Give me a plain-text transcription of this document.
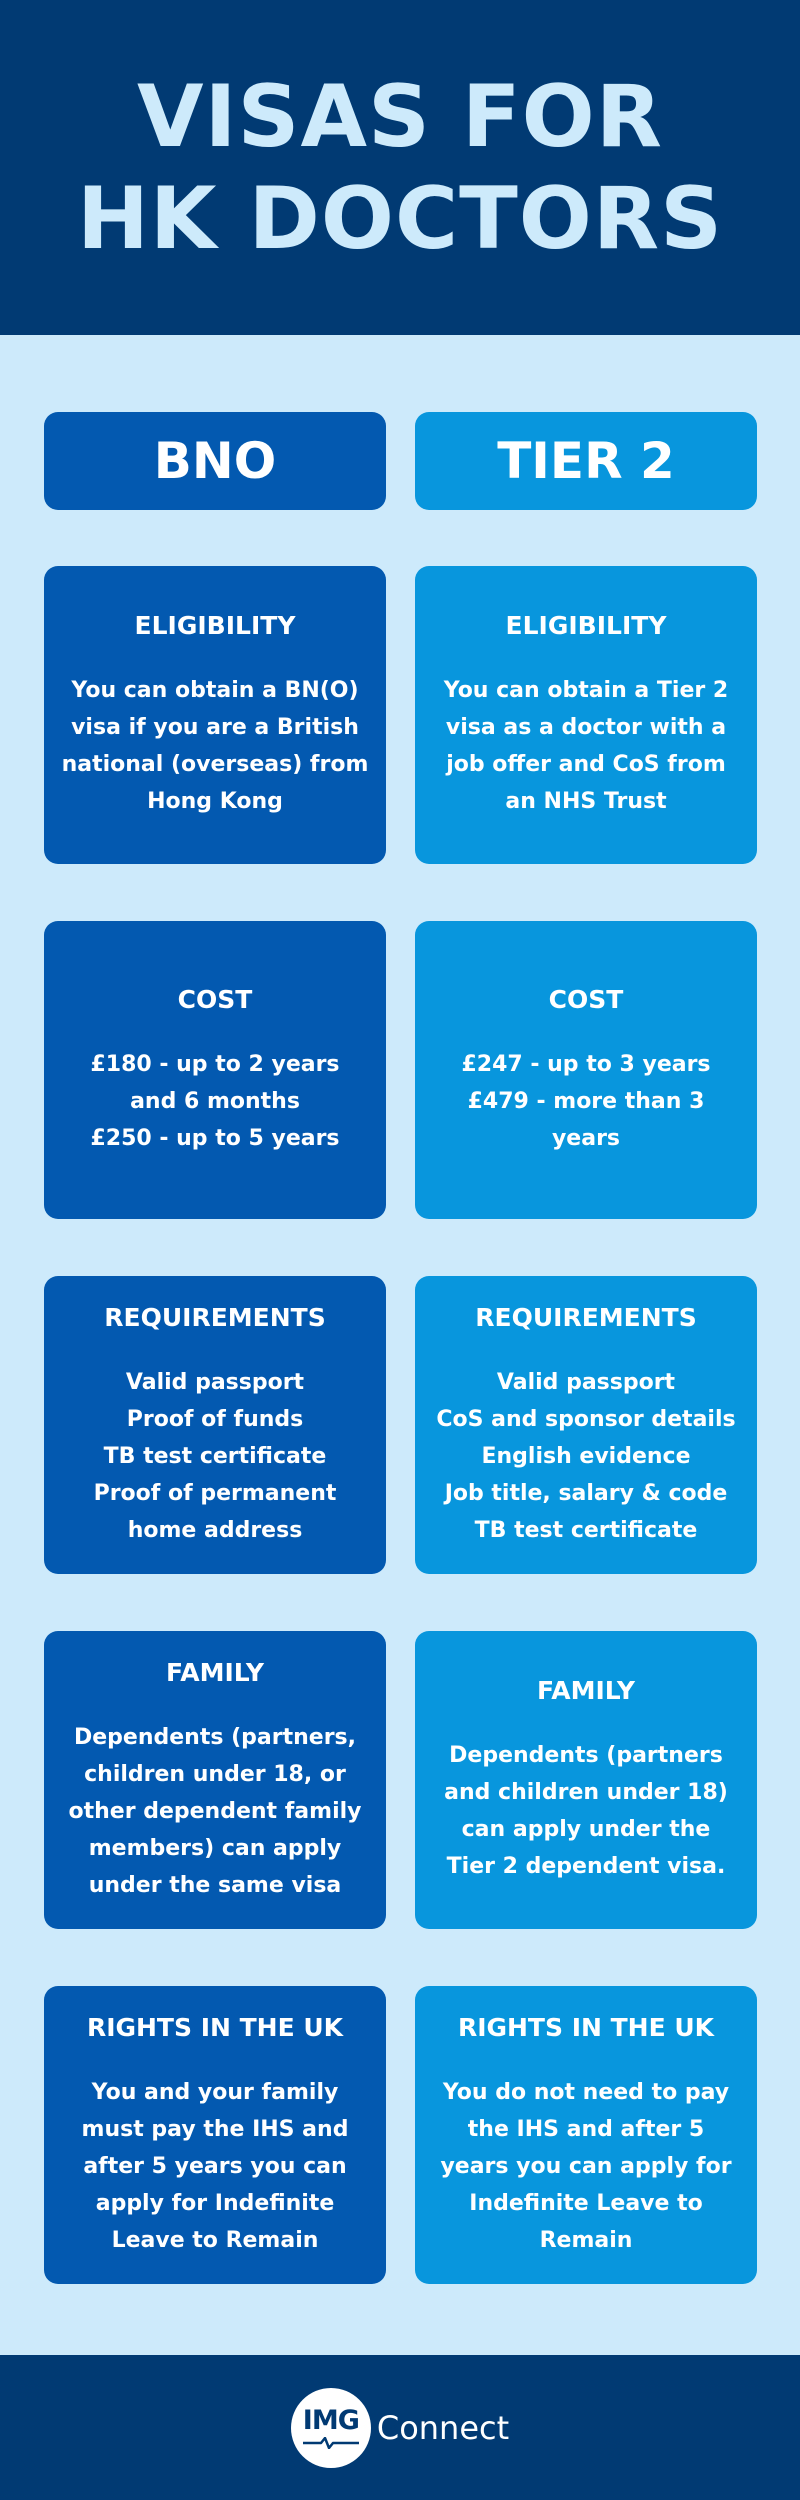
VISAS FOR
HK DOCTORS
BNO	TIER 2
ELIGIBILITY
You can obtain a BN(O)
visa if you are a British
national (overseas) from
Hong Kong
ELIGIBILITY
You can obtain a Tier 2
visa as a doctor with a
job offer and CoS from
an NHS Trust
COST
£180 - up to 2 years
and 6 months
£250 - up to 5 years
COST
£247 - up to 3 years
£479 - more than 3
years
REQUIREMENTS
Valid passport
Proof of funds
TB test certificate
Proof of permanent
home address
REQUIREMENTS
Valid passport
CoS and sponsor details
English evidence
Job title, salary & code
TB test certificate
FAMILY
Dependents (partners,
children under 18, or
other dependent family
members) can apply
under the same visa
FAMILY
Dependents (partners
and children under 18)
can apply under the
Tier 2 dependent visa.
RIGHTS IN THE UK
You and your family
must pay the IHS and
after 5 years you can
apply for Indefinite
Leave to Remain
RIGHTS IN THE UK
You do not need to pay
the IHS and after 5
years you can apply for
Indefinite Leave to
Remain
IMG Connect
